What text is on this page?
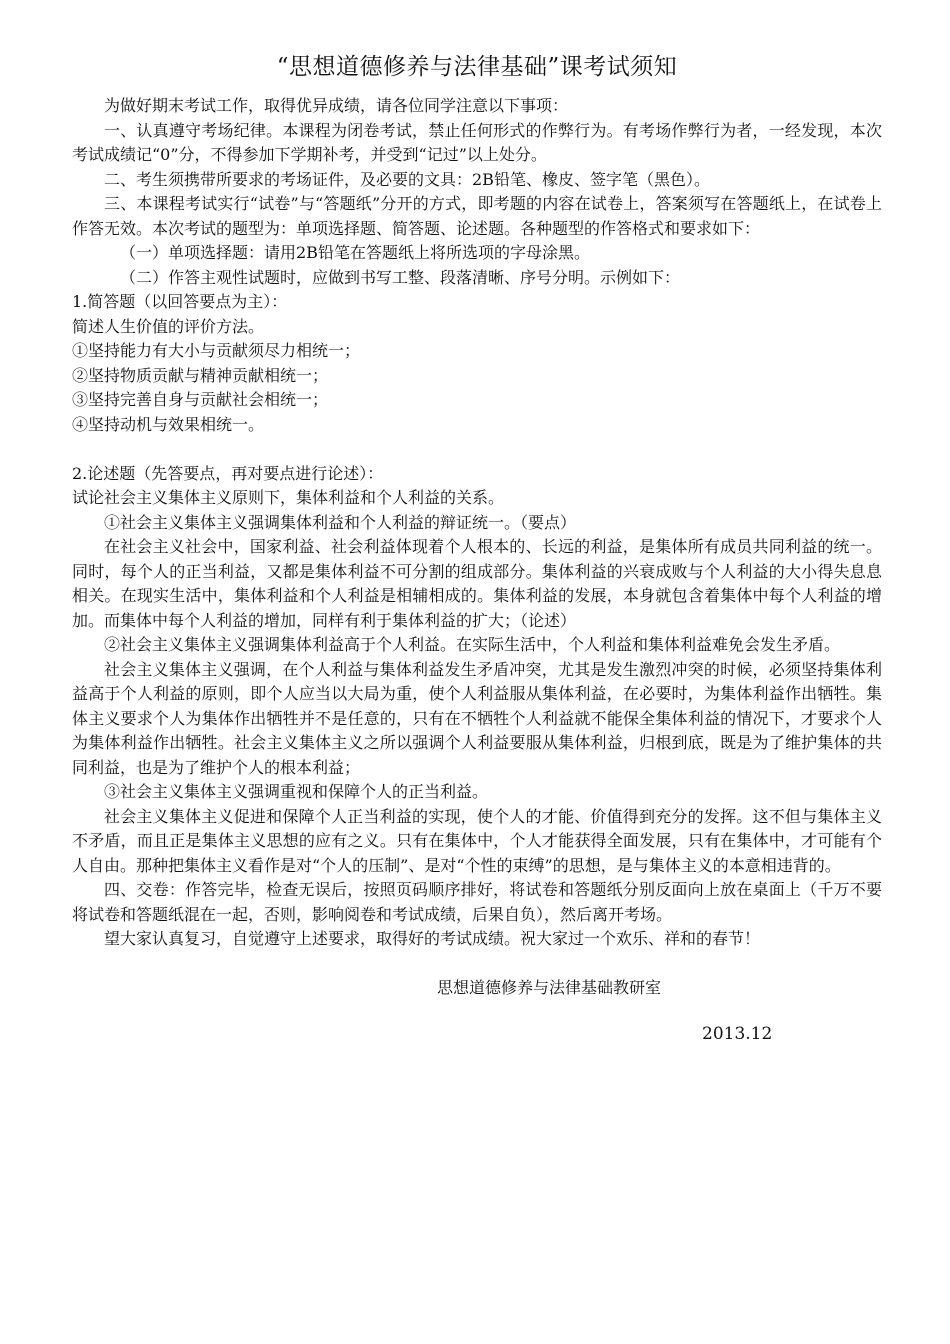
“思想道德修养与法律基础”课考试须知

为做好期末考试工作，取得优异成绩，请各位同学注意以下事项：

一、认真遵守考场纪律。本课程为闭卷考试，禁止任何形式的作弊行为。有考场作弊行为者，一经发现，本次考试成绩记“0”分，不得参加下学期补考，并受到“记过”以上处分。

二、考生须携带所要求的考场证件，及必要的文具：2B铅笔、橡皮、签字笔（黑色）。

三、本课程考试实行“试卷”与“答题纸”分开的方式，即考题的内容在试卷上，答案须写在答题纸上，在试卷上作答无效。本次考试的题型为：单项选择题、简答题、论述题。各种题型的作答格式和要求如下：

（一）单项选择题：请用2B铅笔在答题纸上将所选项的字母涂黑。

（二）作答主观性试题时，应做到书写工整、段落清晰、序号分明。示例如下：

1.简答题（以回答要点为主）：

简述人生价值的评价方法。

①坚持能力有大小与贡献须尽力相统一；

②坚持物质贡献与精神贡献相统一；

③坚持完善自身与贡献社会相统一；

④坚持动机与效果相统一。

2.论述题（先答要点，再对要点进行论述）：

试论社会主义集体主义原则下，集体利益和个人利益的关系。

①社会主义集体主义强调集体利益和个人利益的辩证统一。（要点）

在社会主义社会中，国家利益、社会利益体现着个人根本的、长远的利益，是集体所有成员共同利益的统一。同时，每个人的正当利益，又都是集体利益不可分割的组成部分。集体利益的兴衰成败与个人利益的大小得失息息相关。在现实生活中，集体利益和个人利益是相辅相成的。集体利益的发展，本身就包含着集体中每个人利益的增加。而集体中每个人利益的增加，同样有利于集体利益的扩大；（论述）

②社会主义集体主义强调集体利益高于个人利益。在实际生活中，个人利益和集体利益难免会发生矛盾。

社会主义集体主义强调，在个人利益与集体利益发生矛盾冲突，尤其是发生激烈冲突的时候，必须坚持集体利益高于个人利益的原则，即个人应当以大局为重，使个人利益服从集体利益，在必要时，为集体利益作出牺牲。集体主义要求个人为集体作出牺牲并不是任意的，只有在不牺牲个人利益就不能保全集体利益的情况下，才要求个人为集体利益作出牺牲。社会主义集体主义之所以强调个人利益要服从集体利益，归根到底，既是为了维护集体的共同利益，也是为了维护个人的根本利益；

③社会主义集体主义强调重视和保障个人的正当利益。

社会主义集体主义促进和保障个人正当利益的实现，使个人的才能、价值得到充分的发挥。这不但与集体主义不矛盾，而且正是集体主义思想的应有之义。只有在集体中，个人才能获得全面发展，只有在集体中，才可能有个人自由。那种把集体主义看作是对“个人的压制”、是对“个性的束缚”的思想，是与集体主义的本意相违背的。

四、交卷：作答完毕，检查无误后，按照页码顺序排好，将试卷和答题纸分别反面向上放在桌面上（千万不要将试卷和答题纸混在一起，否则，影响阅卷和考试成绩，后果自负），然后离开考场。

望大家认真复习，自觉遵守上述要求，取得好的考试成绩。祝大家过一个欢乐、祥和的春节！

思想道德修养与法律基础教研室
2013.12
